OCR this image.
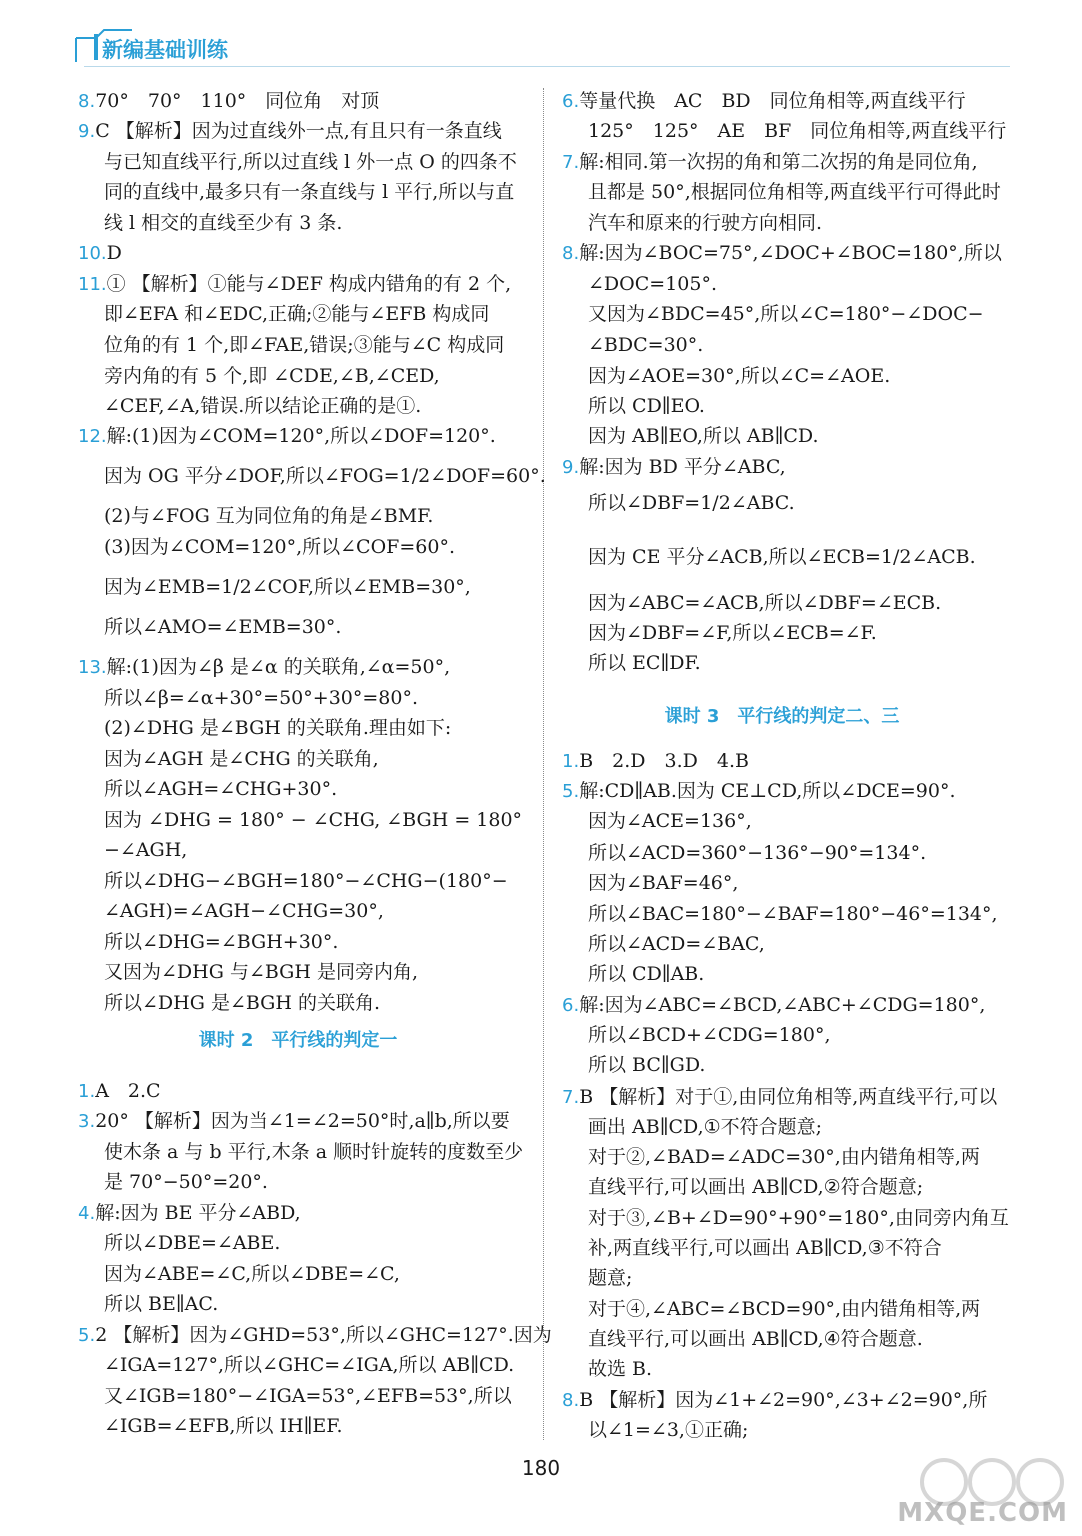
新编基础训练
8.70°　70°　110°　同位角　对顶
9.C 【解析】因为过直线外一点,有且只有一条直线
与已知直线平行,所以过直线 l 外一点 O 的四条不
同的直线中,最多只有一条直线与 l 平行,所以与直
线 l 相交的直线至少有 3 条.
10.D
11.① 【解析】①能与∠DEF 构成内错角的有 2 个,
即∠EFA 和∠EDC,正确;②能与∠EFB 构成同
位角的有 1 个,即∠FAE,错误;③能与∠C 构成同
旁内角的有 5 个,即 ∠CDE,∠B,∠CED,
∠CEF,∠A,错误.所以结论正确的是①.
12.解:(1)因为∠COM=120°,所以∠DOF=120°.
因为 OG 平分∠DOF,所以∠FOG=1/2∠DOF=60°.
(2)与∠FOG 互为同位角的角是∠BMF.
(3)因为∠COM=120°,所以∠COF=60°.
因为∠EMB=1/2∠COF,所以∠EMB=30°,
所以∠AMO=∠EMB=30°.
13.解:(1)因为∠β 是∠α 的关联角,∠α=50°,
所以∠β=∠α+30°=50°+30°=80°.
(2)∠DHG 是∠BGH 的关联角.理由如下:
因为∠AGH 是∠CHG 的关联角,
所以∠AGH=∠CHG+30°.
因为 ∠DHG = 180° − ∠CHG, ∠BGH = 180°
−∠AGH,
所以∠DHG−∠BGH=180°−∠CHG−(180°−
∠AGH)=∠AGH−∠CHG=30°,
所以∠DHG=∠BGH+30°.
又因为∠DHG 与∠BGH 是同旁内角,
所以∠DHG 是∠BGH 的关联角.
课时 2　平行线的判定一
1.A　2.C
3.20° 【解析】因为当∠1=∠2=50°时,a∥b,所以要
使木条 a 与 b 平行,木条 a 顺时针旋转的度数至少
是 70°−50°=20°.
4.解:因为 BE 平分∠ABD,
所以∠DBE=∠ABE.
因为∠ABE=∠C,所以∠DBE=∠C,
所以 BE∥AC.
5.2 【解析】因为∠GHD=53°,所以∠GHC=127°.因为
∠IGA=127°,所以∠GHC=∠IGA,所以 AB∥CD.
又∠IGB=180°−∠IGA=53°,∠EFB=53°,所以
∠IGB=∠EFB,所以 IH∥EF.
6.等量代换　AC　BD　同位角相等,两直线平行
125°　125°　AE　BF　同位角相等,两直线平行
7.解:相同.第一次拐的角和第二次拐的角是同位角,
且都是 50°,根据同位角相等,两直线平行可得此时
汽车和原来的行驶方向相同.
8.解:因为∠BOC=75°,∠DOC+∠BOC=180°,所以
∠DOC=105°.
又因为∠BDC=45°,所以∠C=180°−∠DOC−
∠BDC=30°.
因为∠AOE=30°,所以∠C=∠AOE.
所以 CD∥EO.
因为 AB∥EO,所以 AB∥CD.
9.解:因为 BD 平分∠ABC,
所以∠DBF=1/2∠ABC.
因为 CE 平分∠ACB,所以∠ECB=1/2∠ACB.
因为∠ABC=∠ACB,所以∠DBF=∠ECB.
因为∠DBF=∠F,所以∠ECB=∠F.
所以 EC∥DF.
课时 3　平行线的判定二、三
1.B　2.D　3.D　4.B
5.解:CD∥AB.因为 CE⊥CD,所以∠DCE=90°.
因为∠ACE=136°,
所以∠ACD=360°−136°−90°=134°.
因为∠BAF=46°,
所以∠BAC=180°−∠BAF=180°−46°=134°,
所以∠ACD=∠BAC,
所以 CD∥AB.
6.解:因为∠ABC=∠BCD,∠ABC+∠CDG=180°,
所以∠BCD+∠CDG=180°,
所以 BC∥GD.
7.B 【解析】对于①,由同位角相等,两直线平行,可以
画出 AB∥CD,①不符合题意;
对于②,∠BAD=∠ADC=30°,由内错角相等,两
直线平行,可以画出 AB∥CD,②符合题意;
对于③,∠B+∠D=90°+90°=180°,由同旁内角互
补,两直线平行,可以画出 AB∥CD,③不符合
题意;
对于④,∠ABC=∠BCD=90°,由内错角相等,两
直线平行,可以画出 AB∥CD,④符合题意.
故选 B.
8.B 【解析】因为∠1+∠2=90°,∠3+∠2=90°,所
以∠1=∠3,①正确;
180
MXQE.COM
